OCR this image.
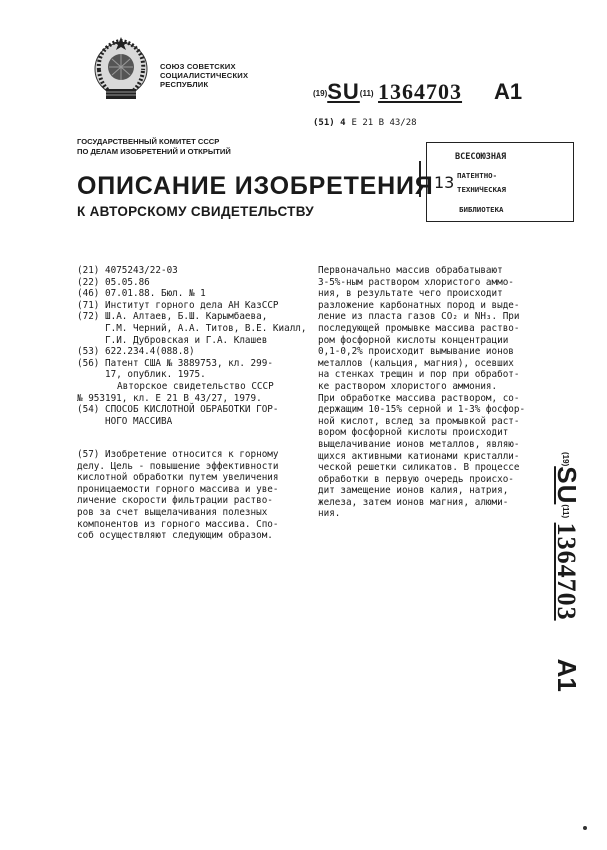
СОЮЗ СОВЕТСКИХ
СОЦИАЛИСТИЧЕСКИХ
РЕСПУБЛИК
(19)SU(11) 1364703 A1
(51) 4 E 21 B 43/28
ГОСУДАРСТВЕННЫЙ КОМИТЕТ СССР
ПО ДЕЛАМ ИЗОБРЕТЕНИЙ И ОТКРЫТИЙ
13
ВСЕСОЮЗНАЯ
ПАТЕНТНО-
ТЕХНИЧЕСКАЯ
БИБЛИОТЕКА
ОПИСАНИЕ ИЗОБРЕТЕНИЯ
К АВТОРСКОМУ СВИДЕТЕЛЬСТВУ
(21) 4075243/22-03
(22) 05.05.86
(46) 07.01.88. Бюл. № 1
(71) Институт горного дела АН КазССР
(72) Ш.А. Алтаев, Б.Ш. Карымбаева,
Г.М. Черний, А.А. Титов, В.Е. Киалл,
Г.И. Дубровская и Г.А. Клашев
(53) 622.234.4(088.8)
(56) Патент США № 3889753, кл. 299-
17, опублик. 1975.
Авторское свидетельство СССР
№ 953191, кл. Е 21 В 43/27, 1979.
(54) СПОСОБ КИСЛОТНОЙ ОБРАБОТКИ ГОР-
НОГО МАССИВА
(57) Изобретение относится к горному
делу. Цель - повышение эффективности
кислотной обработки путем увеличения
проницаемости горного массива и уве-
личение скорости фильтрации раство-
ров за счет выщелачивания полезных
компонентов из горного массива. Спо-
соб осуществляют следующим образом.
Первоначально массив обрабатывают
3-5%-ным раствором хлористого аммо-
ния, в результате чего происходит
разложение карбонатных пород и выде-
ление из пласта газов СО₂ и NH₃. При
последующей промывке массива раство-
ром фосфорной кислоты концентрации
0,1-0,2% происходит вымывание ионов
металлов (кальция, магния), осевших
на стенках трещин и пор при обработ-
ке раствором хлористого аммония.
При обработке массива раствором, со-
держащим 10-15% серной и 1-3% фосфор-
ной кислот, вслед за промывкой раст-
вором фосфорной кислоты происходит
выщелачивание ионов металлов, являю-
щихся активными катионами кристалли-
ческой решетки силикатов. В процессе
обработки в первую очередь происхо-
дит замещение ионов калия, натрия,
железа, затем ионов магния, алюми-
ния.
$^{(19)}$SU$^{(11)}$ 1364703A1
